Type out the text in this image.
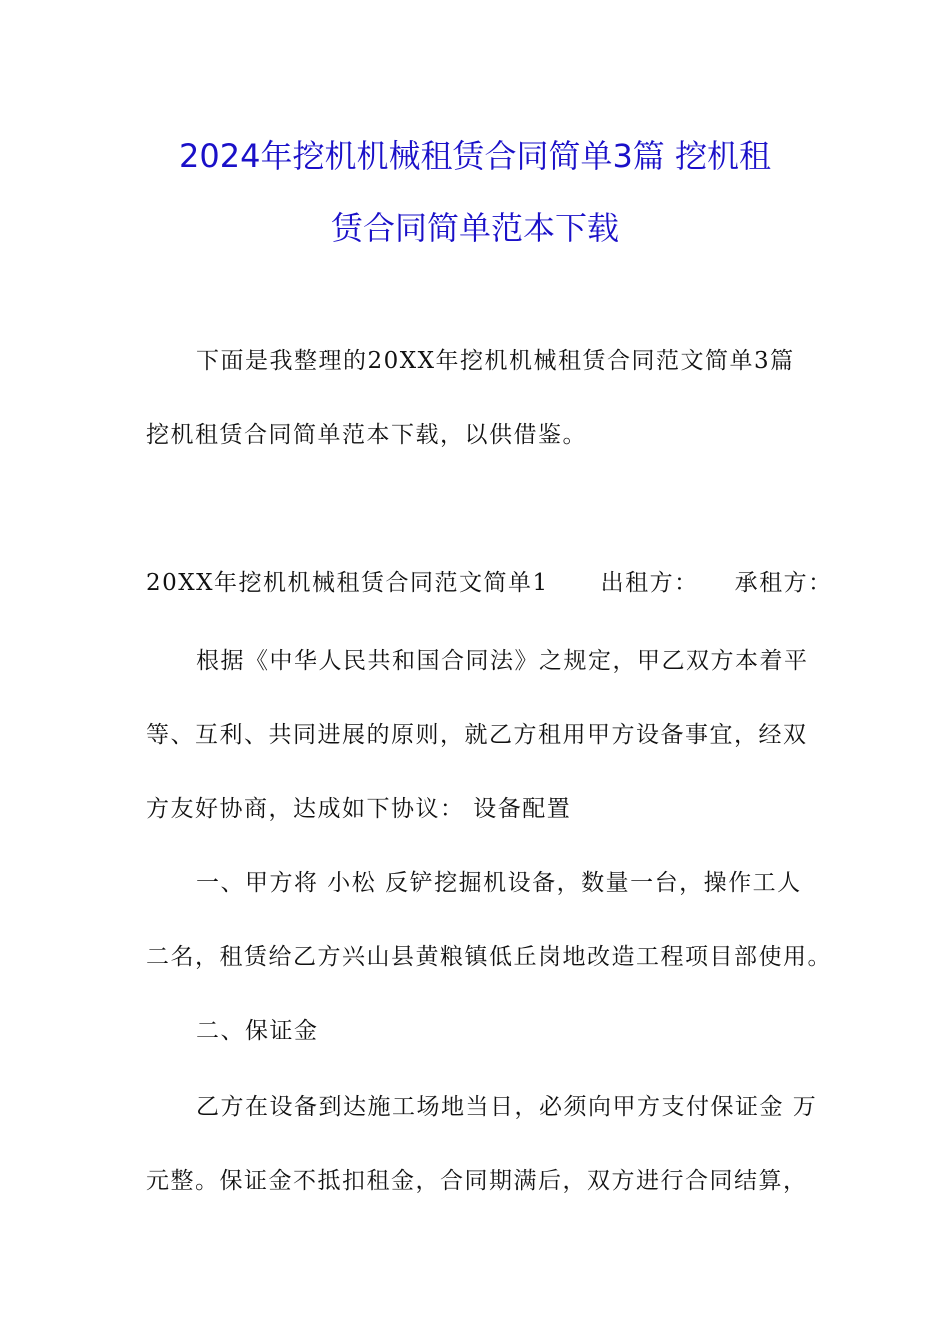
2024年挖机机械租赁合同简单3篇 挖机租
赁合同简单范本下载
下面是我整理的20XX年挖机机械租赁合同范文简单3篇
挖机租赁合同简单范本下载，以供借鉴。
20XX年挖机机械租赁合同范文简单1 出租方： 承租方：
根据《中华人民共和国合同法》之规定，甲乙双方本着平
等、互利、共同进展的原则，就乙方租用甲方设备事宜，经双
方友好协商，达成如下协议： 设备配置
一、甲方将 小松 反铲挖掘机设备，数量一台，操作工人
二名，租赁给乙方兴山县黄粮镇低丘岗地改造工程项目部使用。
二、保证金
乙方在设备到达施工场地当日，必须向甲方支付保证金 万
元整。保证金不抵扣租金，合同期满后，双方进行合同结算，
